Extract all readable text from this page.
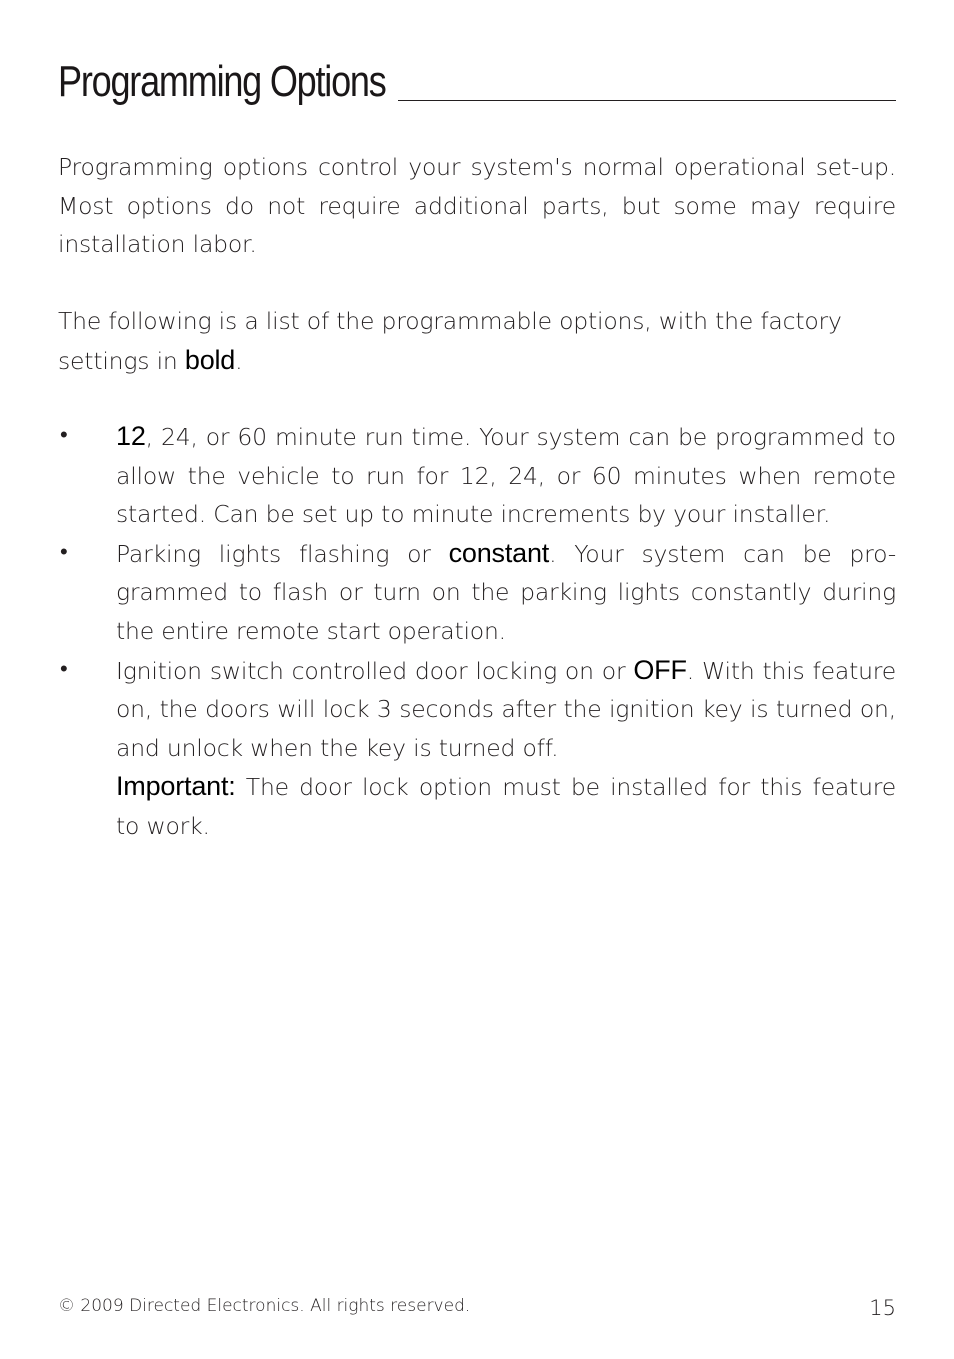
Programming Options

Programming options control your system's normal operational set-up. Most options do not require additional parts, but some may require installation labor.

The following is a list of the programmable options, with the factory settings in bold.

•	12, 24, or 60 minute run time. Your system can be programmed to allow the vehicle to run for 12, 24, or 60 minutes when remote started. Can be set up to minute increments by your installer.
•	Parking lights flashing or constant. Your system can be pro-grammed to flash or turn on the parking lights constantly during the entire remote start operation.
•	Ignition switch controlled door locking on or OFF. With this feature on, the doors will lock 3 seconds after the ignition key is turned on, and unlock when the key is turned off.
Important: The door lock option must be installed for this feature to work.
© 2009 Directed Electronics. All rights reserved.	15
